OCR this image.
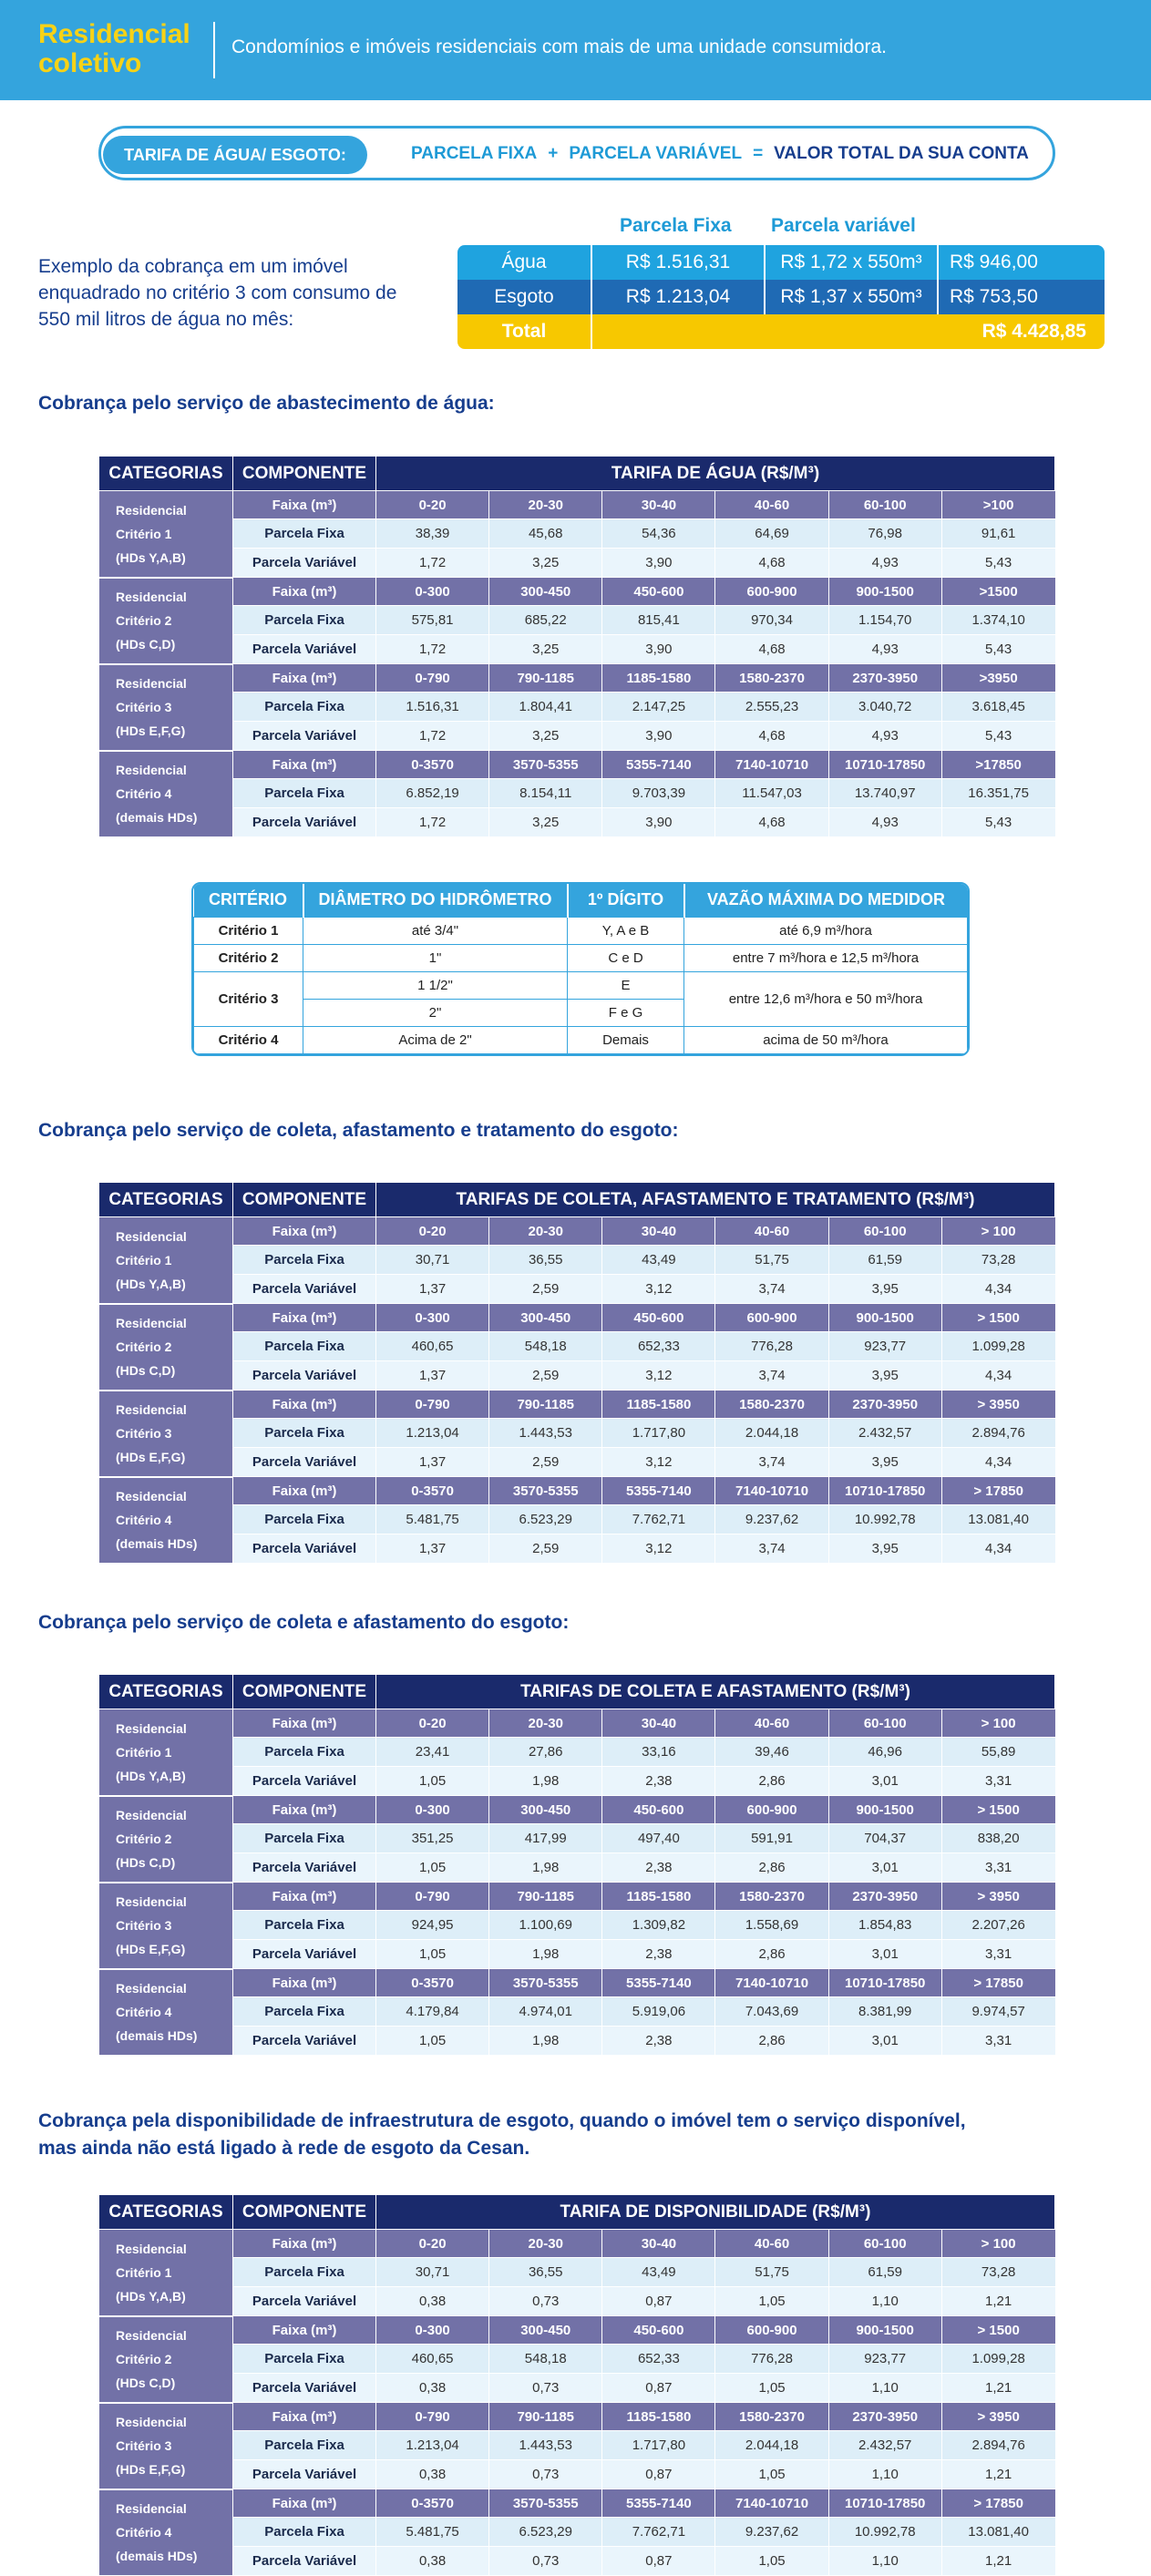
Residencial
coletivo
Condomínios e imóveis residenciais com mais de uma unidade consumidora.
TARIFA DE ÁGUA/ ESGOTO:	PARCELA FIXA + PARCELA VARIÁVEL = VALOR TOTAL DA SUA CONTA
Exemplo da cobrança em um imóvel enquadrado no critério 3 com consumo de 550 mil litros de água no mês:
Parcela Fixa Parcela variável
Água	R$ 1.516,31	R$ 1,72 x 550m³	R$ 946,00
Esgoto	R$ 1.213,04	R$ 1,37 x 550m³	R$ 753,50
Total	R$ 4.428,85
Cobrança pelo serviço de abastecimento de água:
Cobrança pelo serviço de coleta, afastamento e tratamento do esgoto:
Cobrança pelo serviço de coleta e afastamento do esgoto:
Cobrança pela disponibilidade de infraestrutura de esgoto, quando o imóvel tem o serviço disponível,
mas ainda não está ligado à rede de esgoto da Cesan.
CATEGORIAS	COMPONENTE	TARIFA DE ÁGUA (R$/M³)					

Residencial
Critério 1
(HDs Y,A,B)	Faixa (m³)	0-20	20-30	30-40	40-60	60-100	>100
	Parcela Fixa	38,39	45,68	54,36	64,69	76,98	91,61
	Parcela Variável	1,72	3,25	3,90	4,68	4,93	5,43

Residencial
Critério 2
(HDs C,D)	Faixa (m³)	0-300	300-450	450-600	600-900	900-1500	>1500
	Parcela Fixa	575,81	685,22	815,41	970,34	1.154,70	1.374,10
	Parcela Variável	1,72	3,25	3,90	4,68	4,93	5,43

Residencial
Critério 3
(HDs E,F,G)	Faixa (m³)	0-790	790-1185	1185-1580	1580-2370	2370-3950	>3950
	Parcela Fixa	1.516,31	1.804,41	2.147,25	2.555,23	3.040,72	3.618,45
	Parcela Variável	1,72	3,25	3,90	4,68	4,93	5,43

Residencial
Critério 4
(demais HDs)	Faixa (m³)	0-3570	3570-5355	5355-7140	7140-10710	10710-17850	>17850
	Parcela Fixa	6.852,19	8.154,11	9.703,39	11.547,03	13.740,97	16.351,75
	Parcela Variável	1,72	3,25	3,90	4,68	4,93	5,43
CATEGORIAS	COMPONENTE	TARIFAS DE COLETA, AFASTAMENTO E TRATAMENTO (R$/M³)					

Residencial
Critério 1
(HDs Y,A,B)	Faixa (m³)	0-20	20-30	30-40	40-60	60-100	> 100
	Parcela Fixa	30,71	36,55	43,49	51,75	61,59	73,28
	Parcela Variável	1,37	2,59	3,12	3,74	3,95	4,34

Residencial
Critério 2
(HDs C,D)	Faixa (m³)	0-300	300-450	450-600	600-900	900-1500	> 1500
	Parcela Fixa	460,65	548,18	652,33	776,28	923,77	1.099,28
	Parcela Variável	1,37	2,59	3,12	3,74	3,95	4,34

Residencial
Critério 3
(HDs E,F,G)	Faixa (m³)	0-790	790-1185	1185-1580	1580-2370	2370-3950	> 3950
	Parcela Fixa	1.213,04	1.443,53	1.717,80	2.044,18	2.432,57	2.894,76
	Parcela Variável	1,37	2,59	3,12	3,74	3,95	4,34

Residencial
Critério 4
(demais HDs)	Faixa (m³)	0-3570	3570-5355	5355-7140	7140-10710	10710-17850	> 17850
	Parcela Fixa	5.481,75	6.523,29	7.762,71	9.237,62	10.992,78	13.081,40
	Parcela Variável	1,37	2,59	3,12	3,74	3,95	4,34
CATEGORIAS	COMPONENTE	TARIFAS DE COLETA E AFASTAMENTO (R$/M³)					

Residencial
Critério 1
(HDs Y,A,B)	Faixa (m³)	0-20	20-30	30-40	40-60	60-100	> 100
	Parcela Fixa	23,41	27,86	33,16	39,46	46,96	55,89
	Parcela Variável	1,05	1,98	2,38	2,86	3,01	3,31

Residencial
Critério 2
(HDs C,D)	Faixa (m³)	0-300	300-450	450-600	600-900	900-1500	> 1500
	Parcela Fixa	351,25	417,99	497,40	591,91	704,37	838,20
	Parcela Variável	1,05	1,98	2,38	2,86	3,01	3,31

Residencial
Critério 3
(HDs E,F,G)	Faixa (m³)	0-790	790-1185	1185-1580	1580-2370	2370-3950	> 3950
	Parcela Fixa	924,95	1.100,69	1.309,82	1.558,69	1.854,83	2.207,26
	Parcela Variável	1,05	1,98	2,38	2,86	3,01	3,31

Residencial
Critério 4
(demais HDs)	Faixa (m³)	0-3570	3570-5355	5355-7140	7140-10710	10710-17850	> 17850
	Parcela Fixa	4.179,84	4.974,01	5.919,06	7.043,69	8.381,99	9.974,57
	Parcela Variável	1,05	1,98	2,38	2,86	3,01	3,31
CATEGORIAS	COMPONENTE	TARIFA DE DISPONIBILIDADE (R$/M³)					

Residencial
Critério 1
(HDs Y,A,B)	Faixa (m³)	0-20	20-30	30-40	40-60	60-100	> 100
	Parcela Fixa	30,71	36,55	43,49	51,75	61,59	73,28
	Parcela Variável	0,38	0,73	0,87	1,05	1,10	1,21

Residencial
Critério 2
(HDs C,D)	Faixa (m³)	0-300	300-450	450-600	600-900	900-1500	> 1500
	Parcela Fixa	460,65	548,18	652,33	776,28	923,77	1.099,28
	Parcela Variável	0,38	0,73	0,87	1,05	1,10	1,21

Residencial
Critério 3
(HDs E,F,G)	Faixa (m³)	0-790	790-1185	1185-1580	1580-2370	2370-3950	> 3950
	Parcela Fixa	1.213,04	1.443,53	1.717,80	2.044,18	2.432,57	2.894,76
	Parcela Variável	0,38	0,73	0,87	1,05	1,10	1,21

Residencial
Critério 4
(demais HDs)	Faixa (m³)	0-3570	3570-5355	5355-7140	7140-10710	10710-17850	> 17850
	Parcela Fixa	5.481,75	6.523,29	7.762,71	9.237,62	10.992,78	13.081,40
	Parcela Variável	0,38	0,73	0,87	1,05	1,10	1,21
CRITÉRIO	DIÂMETRO DO HIDRÔMETRO	1º DÍGITO	VAZÃO MÁXIMA DO MEDIDOR
Critério 1	até 3/4"	Y, A e B	até 6,9 m³/hora
Critério 2	1"	C e D	entre 7 m³/hora e 12,5 m³/hora
Critério 3	1 1/2"	E	entre 12,6 m³/hora e 50 m³/hora
	2"	F e G	
Critério 4	Acima de 2"	Demais	acima de 50 m³/hora
